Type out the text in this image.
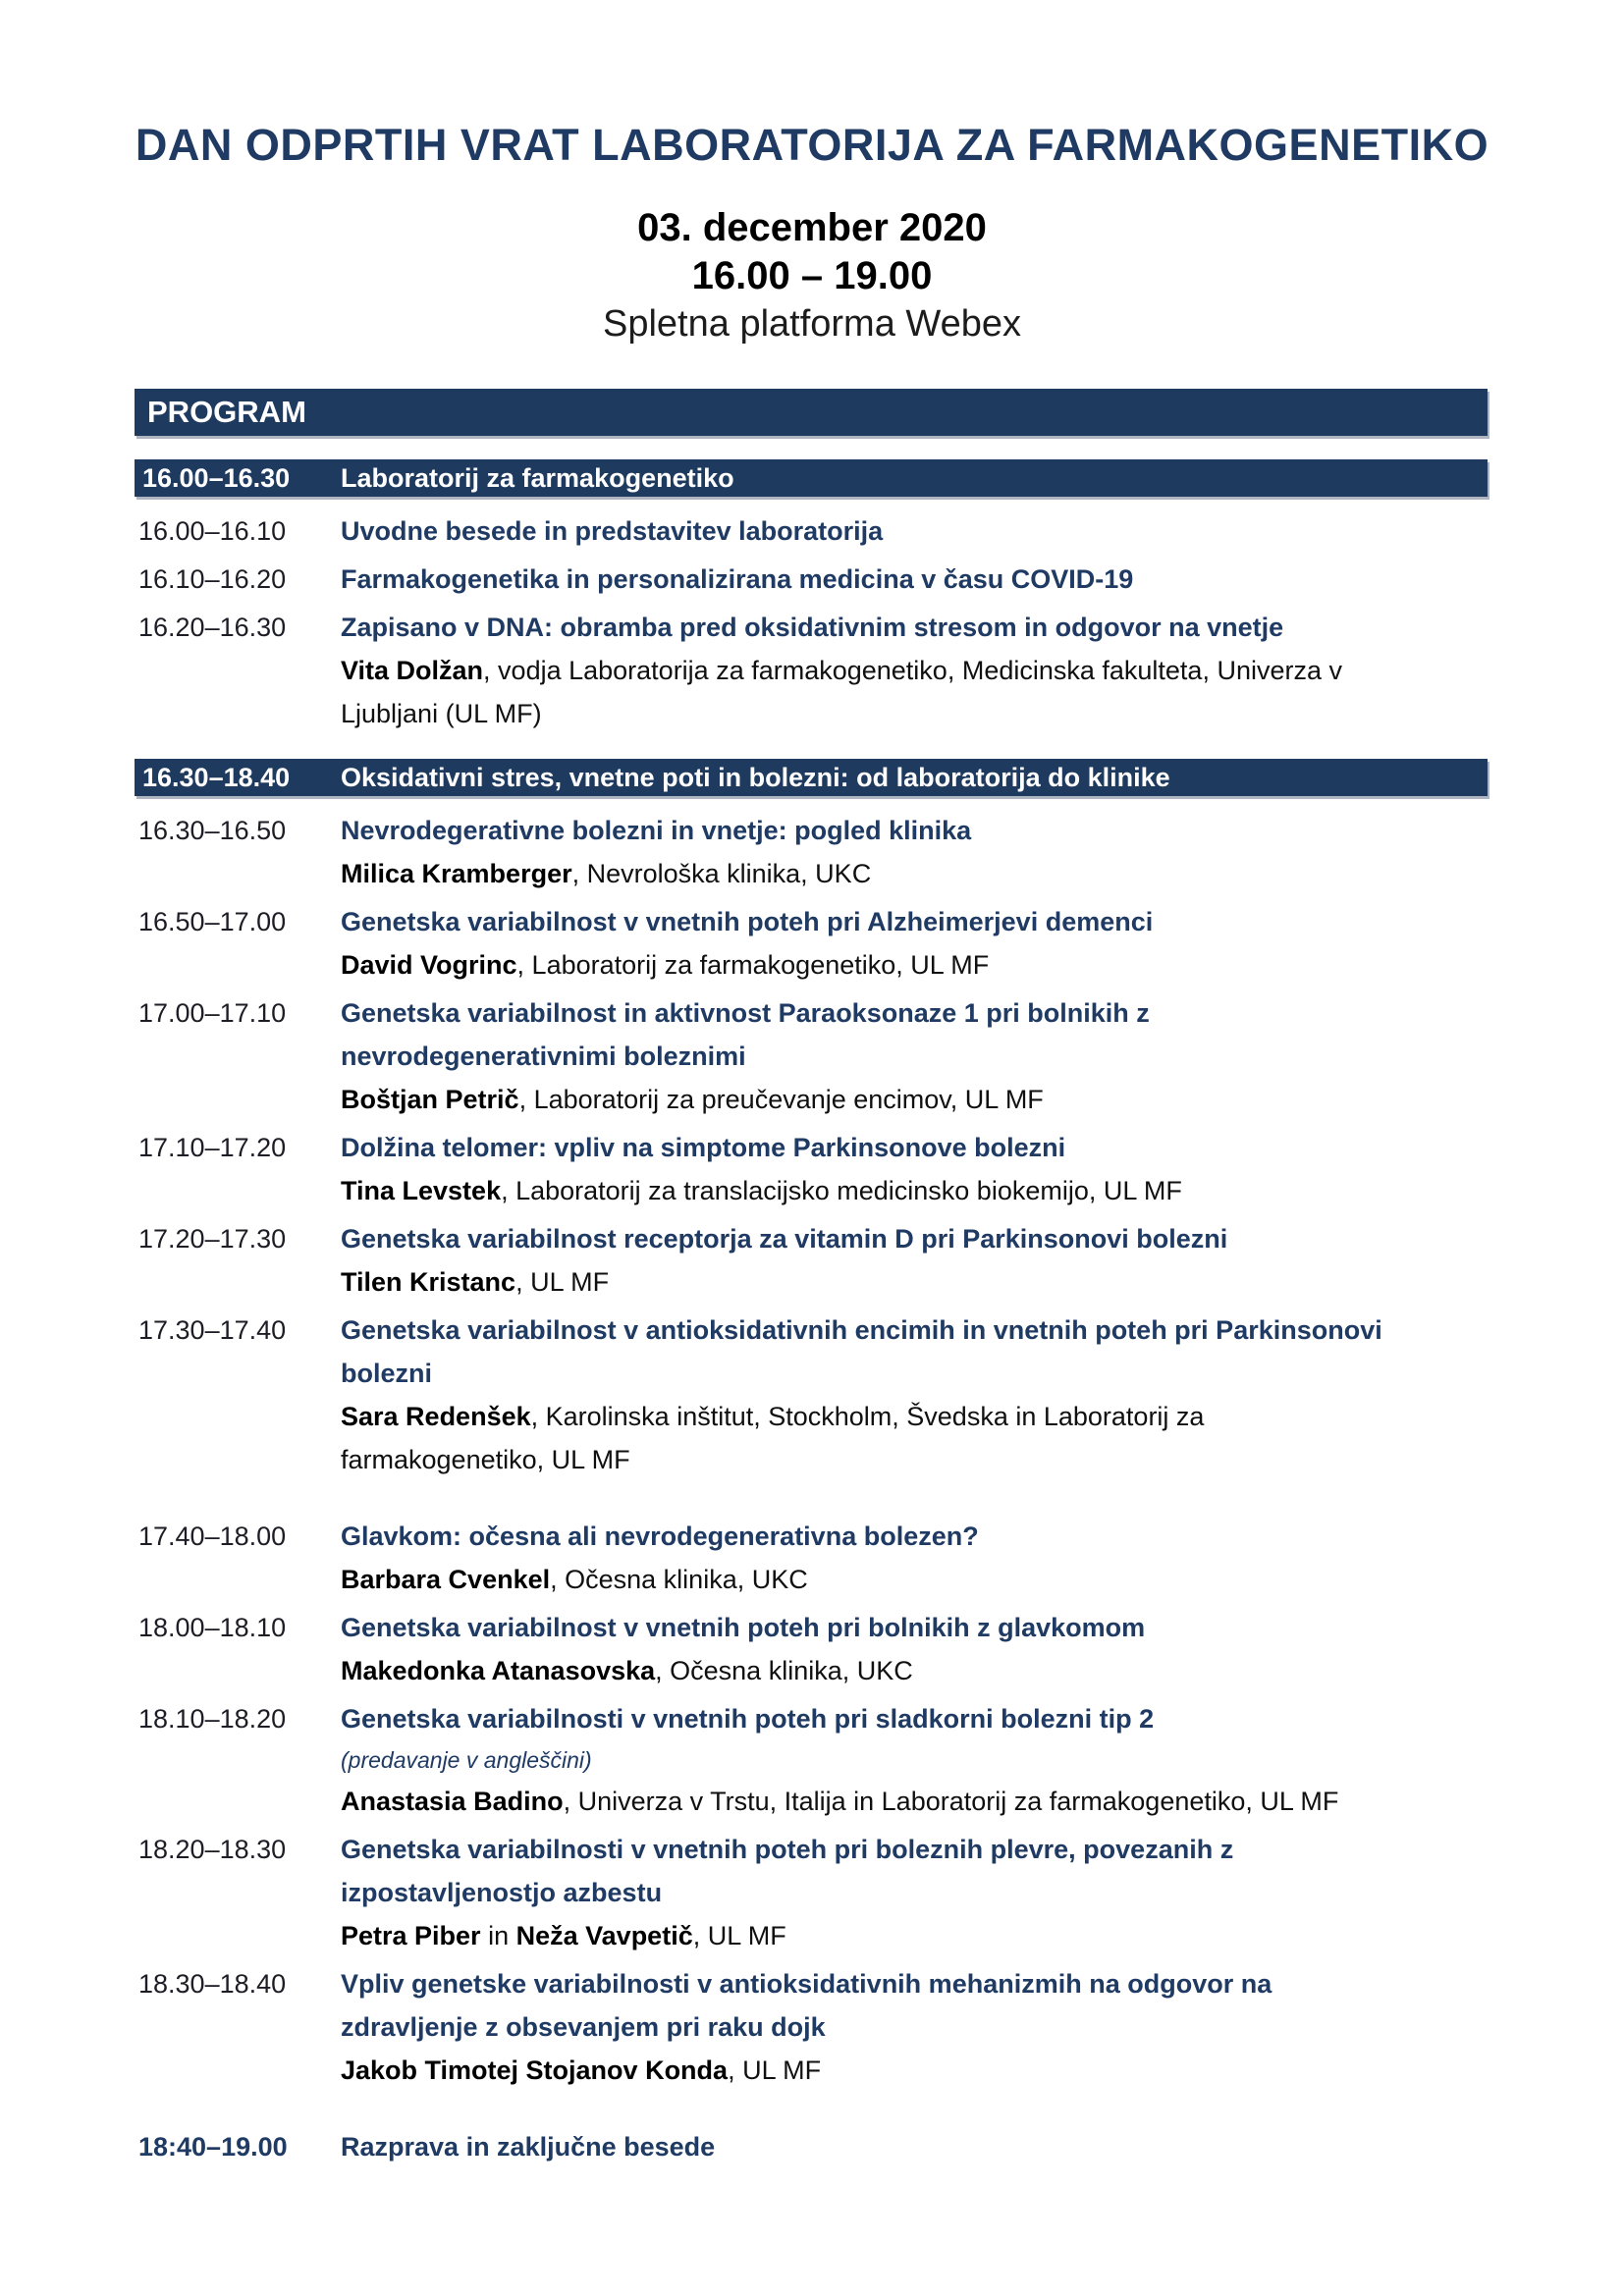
DAN ODPRTIH VRAT LABORATORIJA ZA FARMAKOGENETIKO
03. december 2020
16.00 – 19.00
Spletna platforma Webex
PROGRAM
16.00–16.30	Laboratorij za farmakogenetiko
16.00–16.10	Uvodne besede in predstavitev laboratorija
16.10–16.20	Farmakogenetika in personalizirana medicina v času COVID-19
16.20–16.30	Zapisano v DNA: obramba pred oksidativnim stresom in odgovor na vnetje
Vita Dolžan, vodja Laboratorija za farmakogenetiko, Medicinska fakulteta, Univerza v Ljubljani (UL MF)
16.30–18.40	Oksidativni stres, vnetne poti in bolezni: od laboratorija do klinike
16.30–16.50	Nevrodegerativne bolezni in vnetje: pogled klinika
Milica Kramberger, Nevrološka klinika, UKC
16.50–17.00	Genetska variabilnost v vnetnih poteh pri Alzheimerjevi demenci
David Vogrinc, Laboratorij za farmakogenetiko, UL MF
17.00–17.10	Genetska variabilnost in aktivnost Paraoksonaze 1 pri bolnikih z nevrodegenerativnimi boleznimi
Boštjan Petrič, Laboratorij za preučevanje encimov, UL MF
17.10–17.20	Dolžina telomer: vpliv na simptome Parkinsonove bolezni
Tina Levstek, Laboratorij za translacijsko medicinsko biokemijo, UL MF
17.20–17.30	Genetska variabilnost receptorja za vitamin D pri Parkinsonovi bolezni
Tilen Kristanc, UL MF
17.30–17.40	Genetska variabilnost v antioksidativnih encimih in vnetnih poteh pri Parkinsonovi bolezni
Sara Redenšek, Karolinska inštitut, Stockholm, Švedska in Laboratorij za farmakogenetiko, UL MF
17.40–18.00	Glavkom: očesna ali nevrodegenerativna bolezen?
Barbara Cvenkel, Očesna klinika, UKC
18.00–18.10	Genetska variabilnost v vnetnih poteh pri bolnikih z glavkomom
Makedonka Atanasovska, Očesna klinika, UKC
18.10–18.20	Genetska variabilnosti v vnetnih poteh pri sladkorni bolezni tip 2
(predavanje v angleščini)
Anastasia Badino, Univerza v Trstu, Italija in Laboratorij za farmakogenetiko, UL MF
18.20–18.30	Genetska variabilnosti v vnetnih poteh pri boleznih plevre, povezanih z izpostavljenostjo azbestu
Petra Piber in Neža Vavpetič, UL MF
18.30–18.40	Vpliv genetske variabilnosti v antioksidativnih mehanizmih na odgovor na zdravljenje z obsevanjem pri raku dojk
Jakob Timotej Stojanov Konda, UL MF
18:40–19.00	Razprava in zaključne besede
